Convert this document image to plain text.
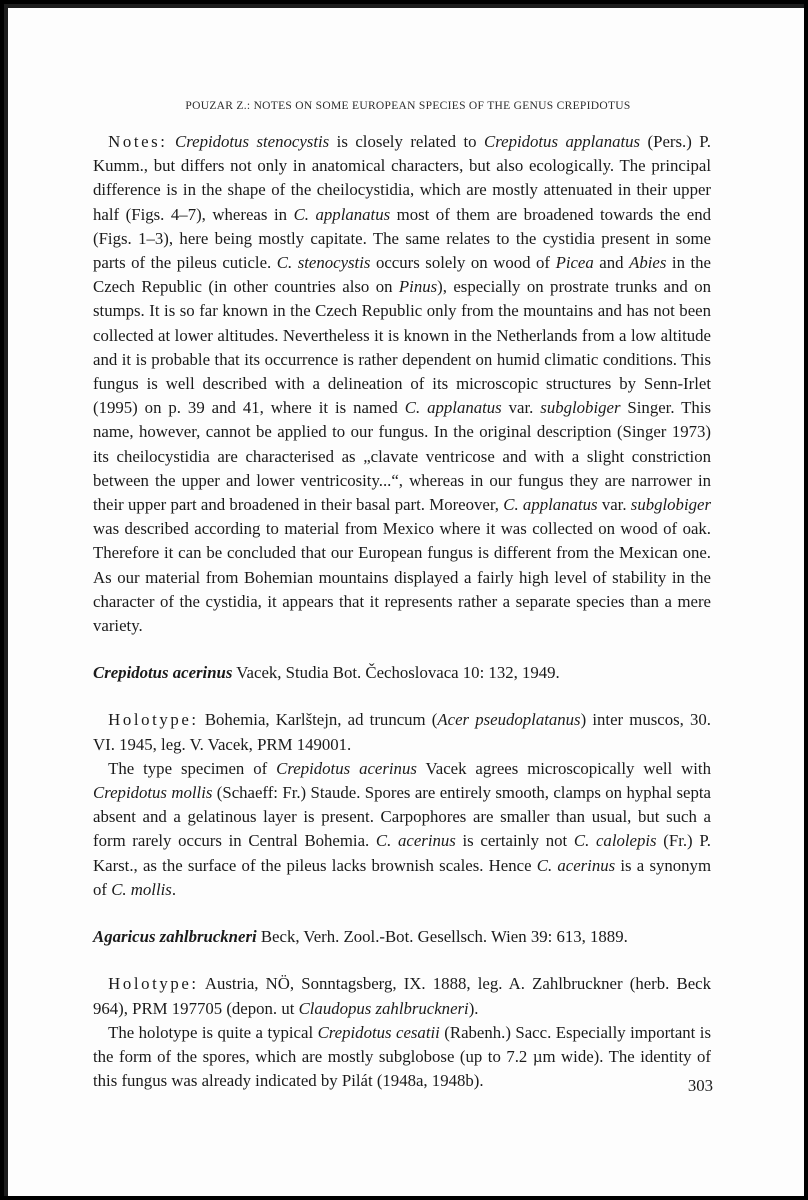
POUZAR Z.: NOTES ON SOME EUROPEAN SPECIES OF THE GENUS CREPIDOTUS

Notes: Crepidotus stenocystis is closely related to Crepidotus applanatus (Pers.) P. Kumm., but differs not only in anatomical characters, but also ecologically. The principal difference is in the shape of the cheilocystidia, which are mostly attenuated in their upper half (Figs. 4–7), whereas in C. applanatus most of them are broadened towards the end (Figs. 1–3), here being mostly capitate. The same relates to the cystidia present in some parts of the pileus cuticle. C. stenocystis occurs solely on wood of Picea and Abies in the Czech Republic (in other countries also on Pinus), especially on prostrate trunks and on stumps. It is so far known in the Czech Republic only from the mountains and has not been collected at lower altitudes. Nevertheless it is known in the Netherlands from a low altitude and it is probable that its occurrence is rather dependent on humid climatic conditions. This fungus is well described with a delineation of its microscopic structures by Senn-Irlet (1995) on p. 39 and 41, where it is named C. applanatus var. subglobiger Singer. This name, however, cannot be applied to our fungus. In the original description (Singer 1973) its cheilocystidia are characterised as „clavate ventricose and with a slight constriction between the upper and lower ventricosity...“, whereas in our fungus they are narrower in their upper part and broadened in their basal part. Moreover, C. applanatus var. subglobiger was described according to material from Mexico where it was collected on wood of oak. Therefore it can be concluded that our European fungus is different from the Mexican one. As our material from Bohemian mountains displayed a fairly high level of stability in the character of the cystidia, it appears that it represents rather a separate species than a mere variety.

Crepidotus acerinus Vacek, Studia Bot. Čechoslovaca 10: 132, 1949.

Holotype: Bohemia, Karlštejn, ad truncum (Acer pseudoplatanus) inter muscos, 30. VI. 1945, leg. V. Vacek, PRM 149001.

The type specimen of Crepidotus acerinus Vacek agrees microscopically well with Crepidotus mollis (Schaeff: Fr.) Staude. Spores are entirely smooth, clamps on hyphal septa absent and a gelatinous layer is present. Carpophores are smaller than usual, but such a form rarely occurs in Central Bohemia. C. acerinus is certainly not C. calolepis (Fr.) P. Karst., as the surface of the pileus lacks brownish scales. Hence C. acerinus is a synonym of C. mollis.

Agaricus zahlbruckneri Beck, Verh. Zool.-Bot. Gesellsch. Wien 39: 613, 1889.

Holotype: Austria, NÖ, Sonntagsberg, IX. 1888, leg. A. Zahlbruckner (herb. Beck 964), PRM 197705 (depon. ut Claudopus zahlbruckneri).

The holotype is quite a typical Crepidotus cesatii (Rabenh.) Sacc. Especially important is the form of the spores, which are mostly subglobose (up to 7.2 µm wide). The identity of this fungus was already indicated by Pilát (1948a, 1948b).	303
